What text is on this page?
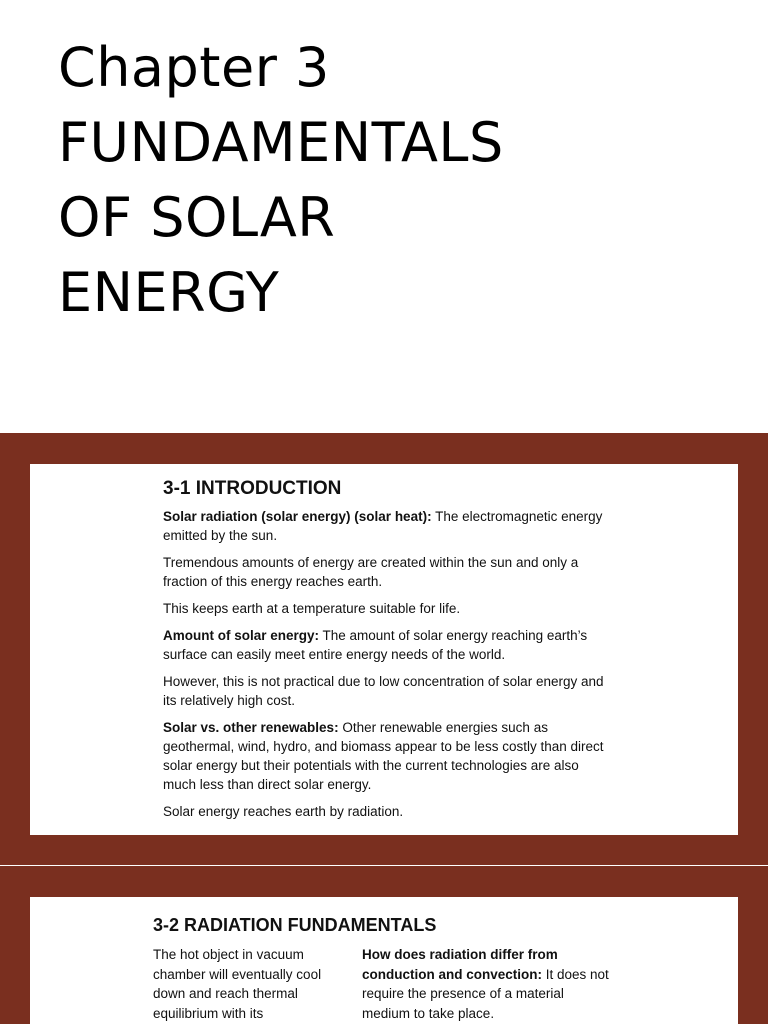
Chapter 3
FUNDAMENTALS
OF SOLAR
ENERGY
3-1 INTRODUCTION

Solar radiation (solar energy) (solar heat): The electromagnetic energy emitted by the sun.

Tremendous amounts of energy are created within the sun and only a fraction of this energy reaches earth.

This keeps earth at a temperature suitable for life.

Amount of solar energy: The amount of solar energy reaching earth’s surface can easily meet entire energy needs of the world.

However, this is not practical due to low concentration of solar energy and its relatively high cost.

Solar vs. other renewables: Other renewable energies such as geothermal, wind, hydro, and biomass appear to be less costly than direct solar energy but their potentials with the current technologies are also much less than direct solar energy.

Solar energy reaches earth by radiation.

3-2 RADIATION FUNDAMENTALS
The hot object in vacuum chamber will eventually cool down and reach thermal equilibrium with its
How does radiation differ from conduction and convection: It does not require the presence of a material medium to take place.
